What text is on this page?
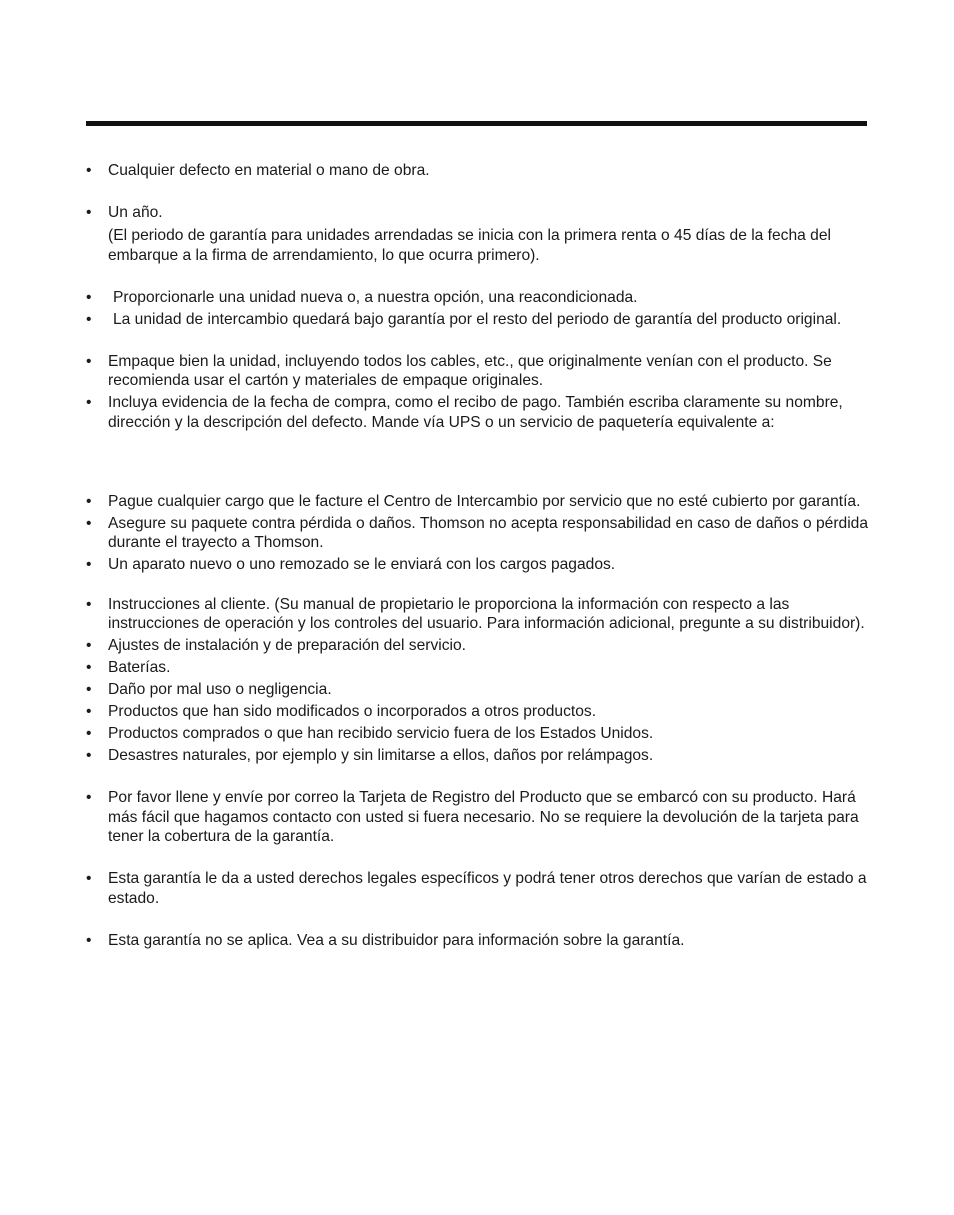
• Cualquier defecto en material o mano de obra.
• Un año.
(El periodo de garantía para unidades arrendadas se inicia con la primera renta o 45 días de la fecha del embarque a la firma de arrendamiento, lo que ocurra primero).
• Proporcionarle una unidad nueva o, a nuestra opción, una reacondicionada.
• La unidad de intercambio quedará bajo garantía por el resto del periodo de garantía del producto original.
• Empaque bien la unidad, incluyendo todos los cables, etc., que originalmente venían con el producto. Se recomienda usar el cartón y materiales de empaque originales.
• Incluya evidencia de la fecha de compra, como el recibo de pago. También escriba claramente su nombre, dirección y la descripción del defecto. Mande vía UPS o un servicio de paquetería equivalente a:
• Pague cualquier cargo que le facture el Centro de Intercambio por servicio que no esté cubierto por garantía.
• Asegure su paquete contra pérdida o daños. Thomson no acepta responsabilidad en caso de daños o pérdida durante el trayecto a Thomson.
• Un aparato nuevo o uno remozado se le enviará con los cargos pagados.
• Instrucciones al cliente. (Su manual de propietario le proporciona la información con respecto a las instrucciones de operación y los controles del usuario. Para información adicional, pregunte a su distribuidor).
• Ajustes de instalación y de preparación del servicio.
• Baterías.
• Daño por mal uso o negligencia.
• Productos que han sido modificados o incorporados a otros productos.
• Productos comprados o que han recibido servicio fuera de los Estados Unidos.
• Desastres naturales, por ejemplo y sin limitarse a ellos, daños por relámpagos.
• Por favor llene y envíe por correo la Tarjeta de Registro del Producto que se embarcó con su producto. Hará más fácil que hagamos contacto con usted si fuera necesario. No se requiere la devolución de la tarjeta para tener la cobertura de la garantía.
• Esta garantía le da a usted derechos legales específicos y podrá tener otros derechos que varían de estado a estado.
• Esta garantía no se aplica. Vea a su distribuidor para información sobre la garantía.
